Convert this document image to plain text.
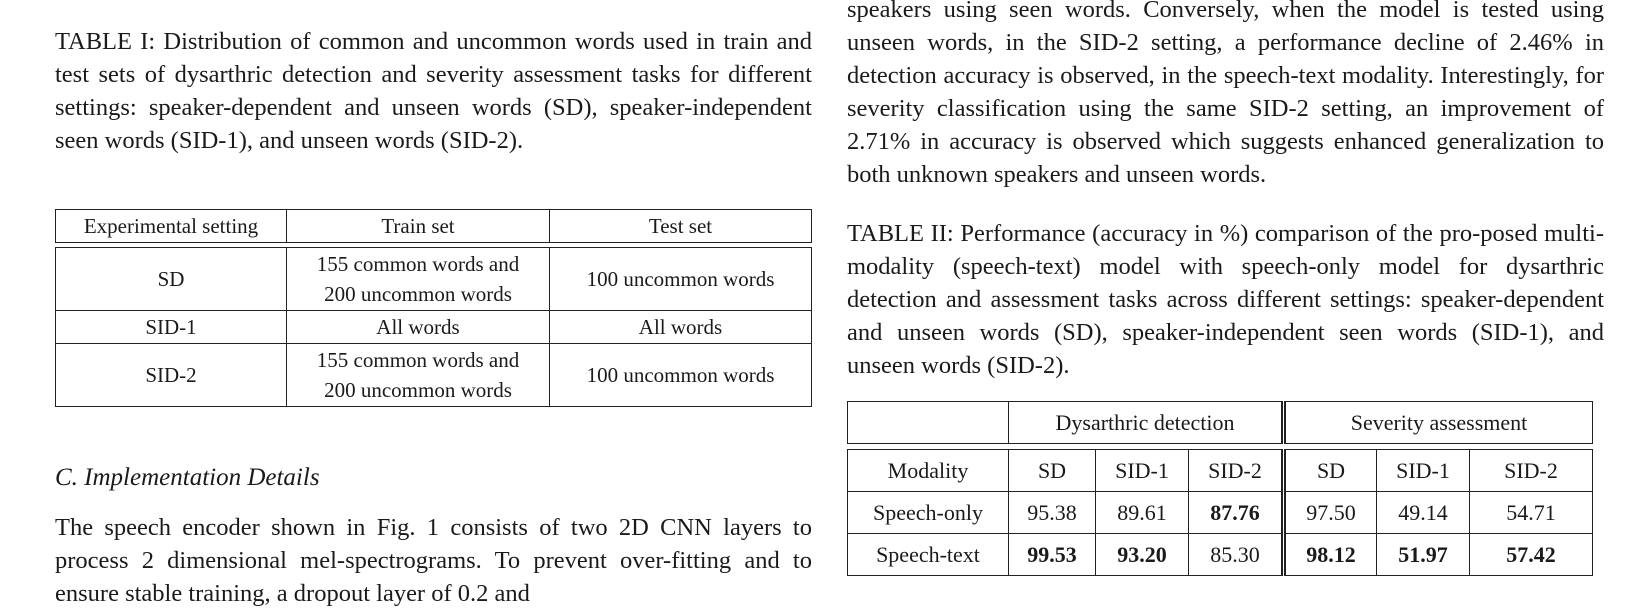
TABLE I: Distribution of common and uncommon words used in train and test sets of dysarthric detection and severity assessment tasks for different settings: speaker-dependent and unseen words (SD), speaker-independent seen words (SID-1), and unseen words (SID-2).

Experimental setting	Train set	Test set

SD	155 common words and
200 uncommon words	100 uncommon words
SID-1	All words	All words
SID-2	155 common words and
200 uncommon words	100 uncommon words
C. Implementation Details

The speech encoder shown in Fig. 1 consists of two 2D CNN layers to process 2 dimensional mel-spectrograms. To prevent over-fitting and to ensure stable training, a dropout layer of 0.2 and

speakers using seen words. Conversely, when the model is tested using unseen words, in the SID-2 setting, a performance decline of 2.46% in detection accuracy is observed, in the speech-text modality. Interestingly, for severity classification using the same SID-2 setting, an improvement of 2.71% in accuracy is observed which suggests enhanced generalization to both unknown speakers and unseen words.

TABLE II: Performance (accuracy in %) comparison of the pro-posed multi-modality (speech-text) model with speech-only model for dysarthric detection and assessment tasks across different settings: speaker-dependent and unseen words (SD), speaker-independent seen words (SID-1), and unseen words (SID-2).

	Dysarthric detection			Severity assessment		

Modality	SD	SID-1	SID-2	SD	SID-1	SID-2
Speech-only	95.38	89.61	87.76	97.50	49.14	54.71
Speech-text	99.53	93.20	85.30	98.12	51.97	57.42
